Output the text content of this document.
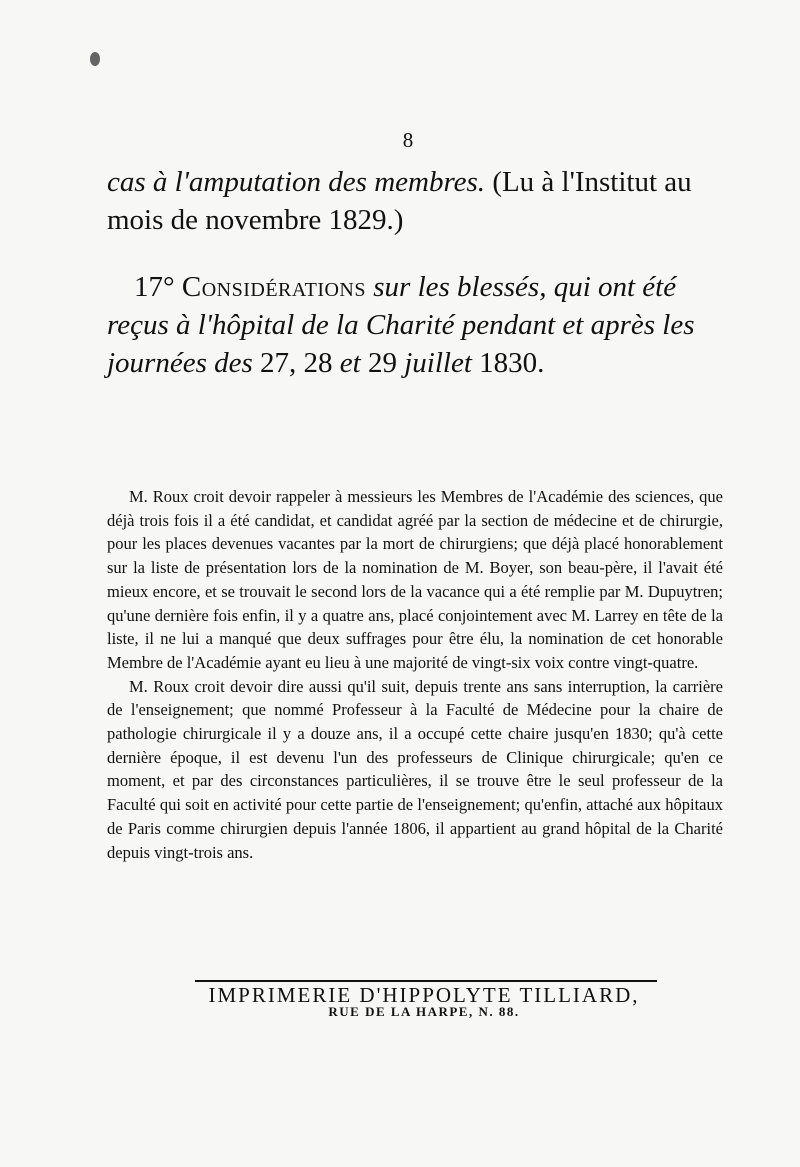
8
cas à l'amputation des membres. (Lu à l'Institut au mois de novembre 1829.)
17° Considérations sur les blessés, qui ont été reçus à l'hôpital de la Charité pendant et après les journées des 27, 28 et 29 juillet 1830.

M. Roux croit devoir rappeler à messieurs les Membres de l'Académie des sciences, que déjà trois fois il a été candidat, et candidat agréé par la section de médecine et de chirurgie, pour les places devenues vacantes par la mort de chirurgiens; que déjà placé honorablement sur la liste de présentation lors de la nomination de M. Boyer, son beau-père, il l'avait été mieux encore, et se trouvait le second lors de la vacance qui a été remplie par M. Dupuytren; qu'une dernière fois enfin, il y a quatre ans, placé conjointement avec M. Larrey en tête de la liste, il ne lui a manqué que deux suffrages pour être élu, la nomination de cet honorable Membre de l'Académie ayant eu lieu à une majorité de vingt-six voix contre vingt-quatre.

M. Roux croit devoir dire aussi qu'il suit, depuis trente ans sans interruption, la carrière de l'enseignement; que nommé Professeur à la Faculté de Médecine pour la chaire de pathologie chirurgicale il y a douze ans, il a occupé cette chaire jusqu'en 1830; qu'à cette dernière époque, il est devenu l'un des professeurs de Clinique chirurgicale; qu'en ce moment, et par des circonstances particulières, il se trouve être le seul professeur de la Faculté qui soit en activité pour cette partie de l'enseignement; qu'enfin, attaché aux hôpitaux de Paris comme chirurgien depuis l'année 1806, il appartient au grand hôpital de la Charité depuis vingt-trois ans.

IMPRIMERIE D'HIPPOLYTE TILLIARD,
RUE DE LA HARPE, N. 88.
